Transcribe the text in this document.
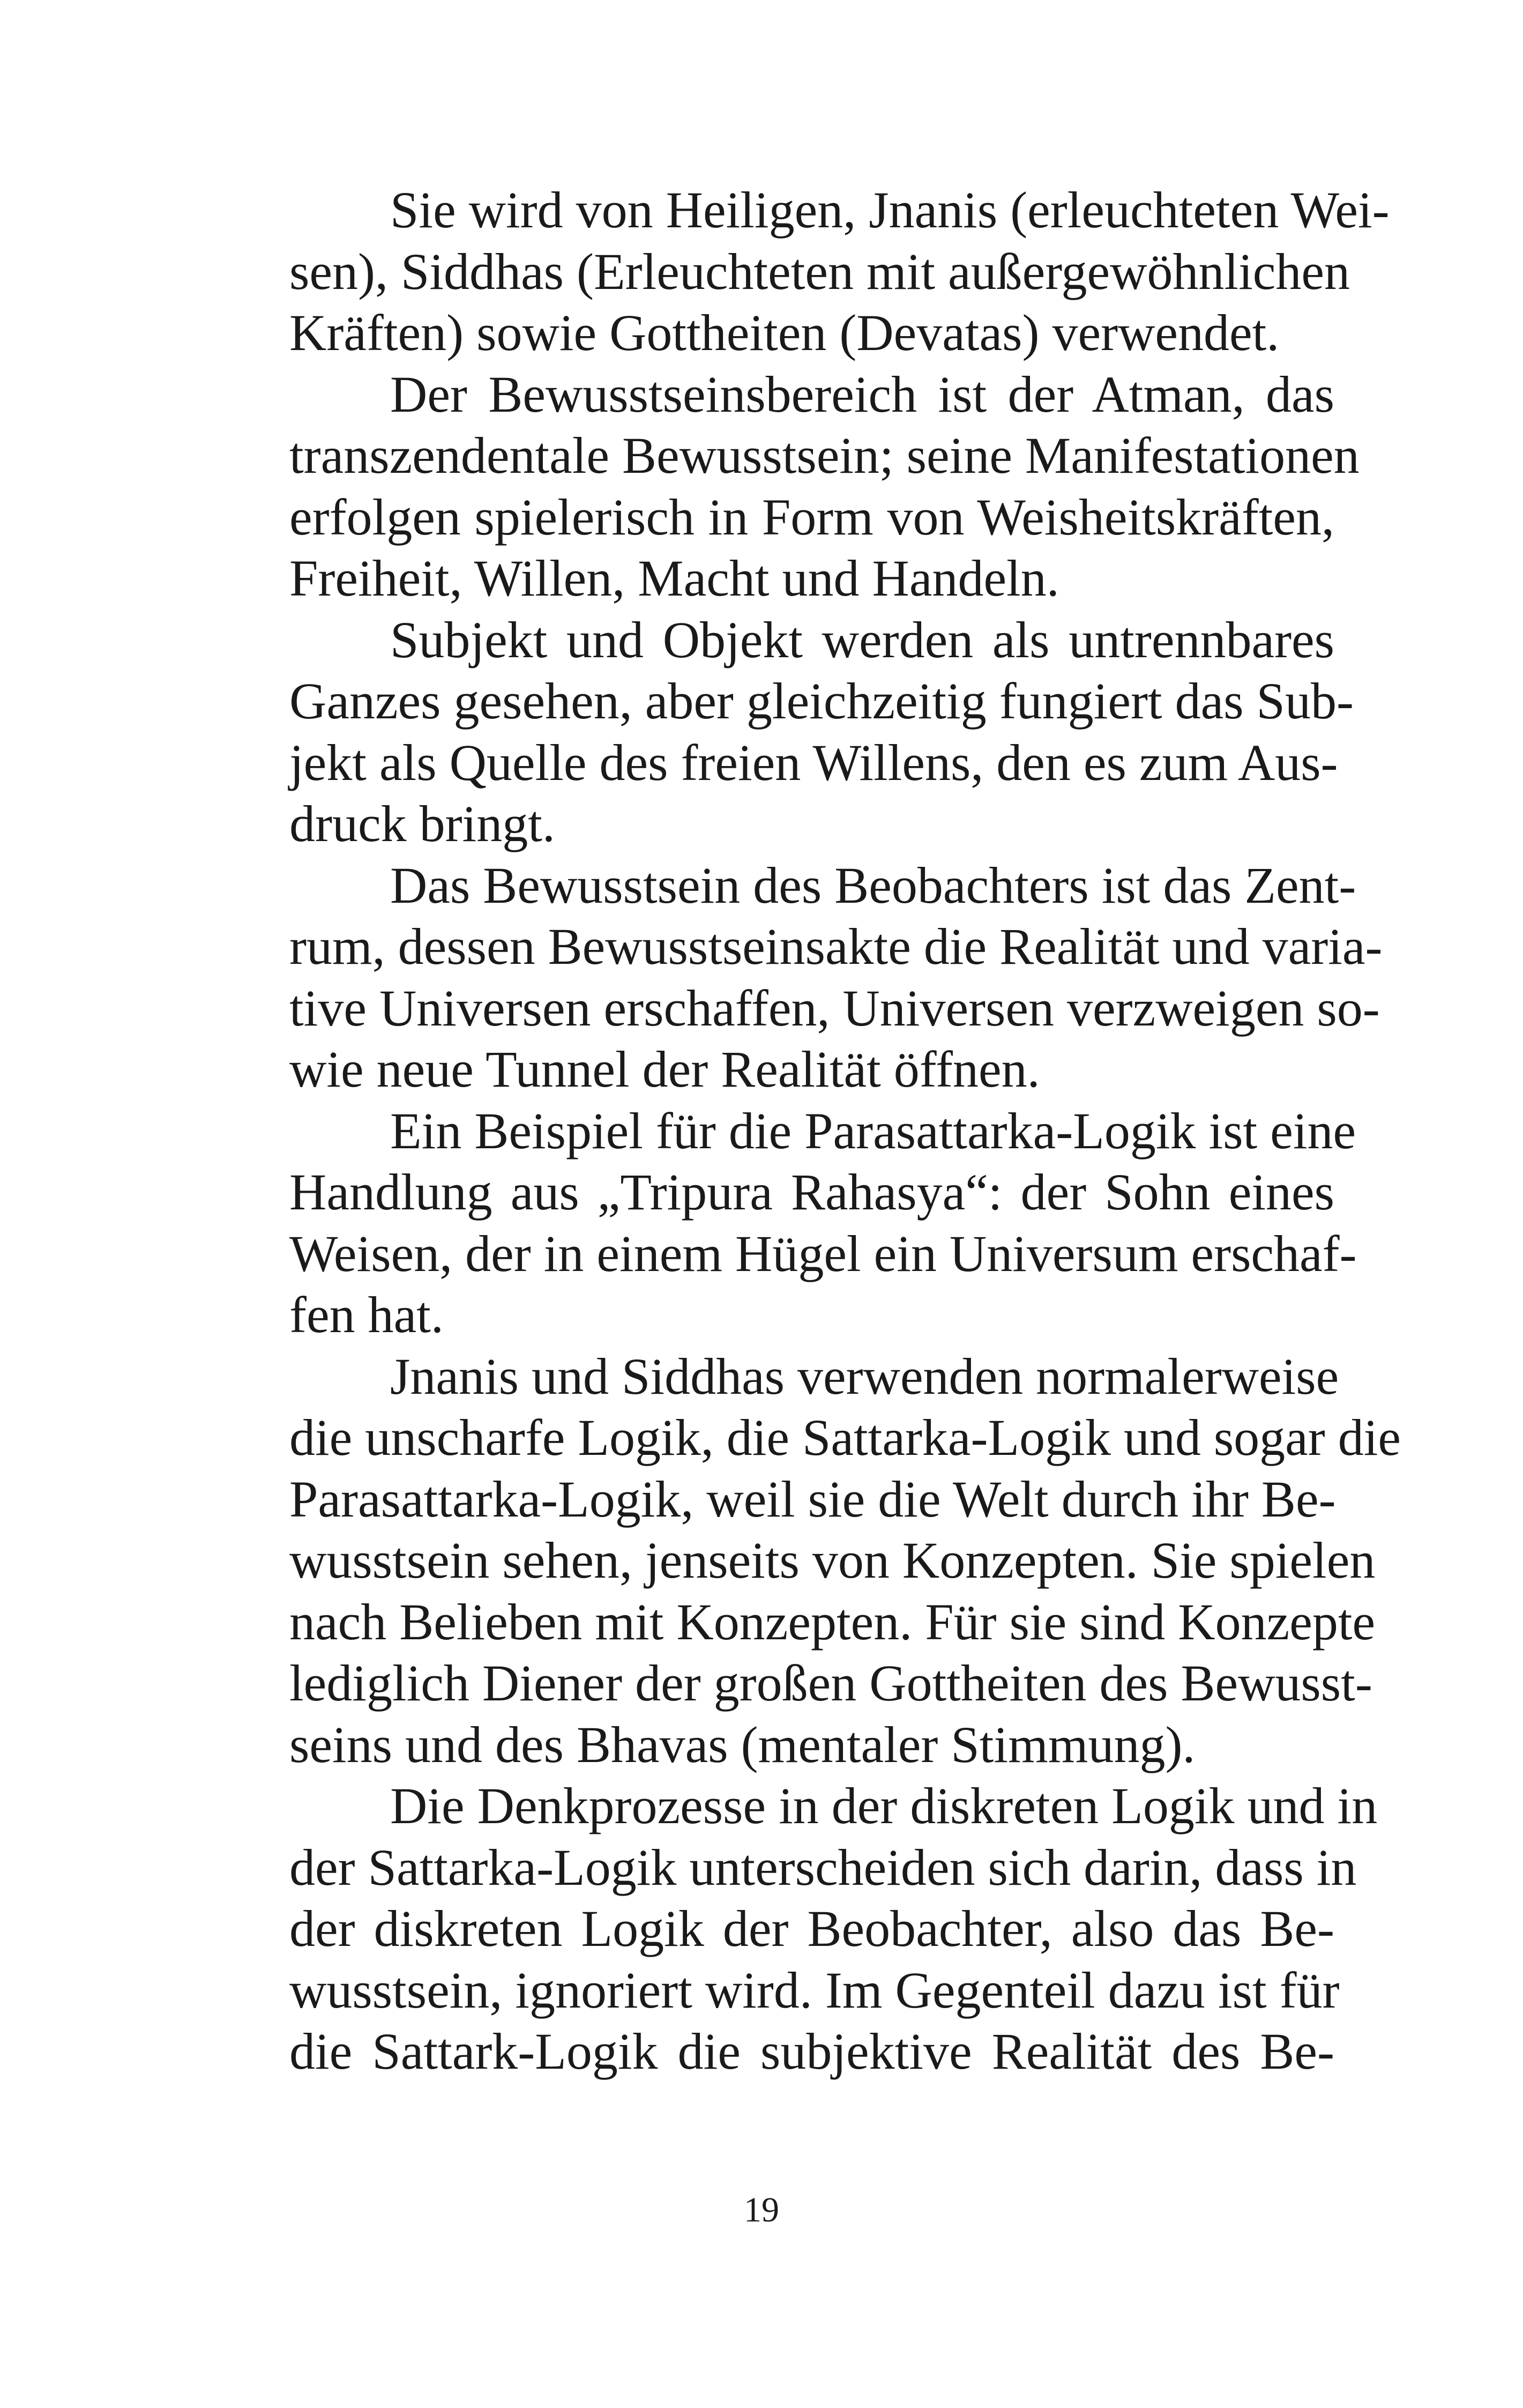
Sie wird von Heiligen, Jnanis (erleuchteten Wei-
sen), Siddhas (Erleuchteten mit außergewöhnlichen
Kräften) sowie Gottheiten (Devatas) verwendet.
Der Bewusstseinsbereich ist der Atman, das
transzendentale Bewusstsein; seine Manifestationen
erfolgen spielerisch in Form von Weisheitskräften,
Freiheit, Willen, Macht und Handeln.
Subjekt und Objekt werden als untrennbares
Ganzes gesehen, aber gleichzeitig fungiert das Sub-
jekt als Quelle des freien Willens, den es zum Aus-
druck bringt.
Das Bewusstsein des Beobachters ist das Zent-
rum, dessen Bewusstseinsakte die Realität und varia-
tive Universen erschaffen, Universen verzweigen so-
wie neue Tunnel der Realität öffnen.
Ein Beispiel für die Parasattarka-Logik ist eine
Handlung aus „Tripura Rahasya“: der Sohn eines
Weisen, der in einem Hügel ein Universum erschaf-
fen hat.
Jnanis und Siddhas verwenden normalerweise
die unscharfe Logik, die Sattarka-Logik und sogar die
Parasattarka-Logik, weil sie die Welt durch ihr Be-
wusstsein sehen, jenseits von Konzepten. Sie spielen
nach Belieben mit Konzepten. Für sie sind Konzepte
lediglich Diener der großen Gottheiten des Bewusst-
seins und des Bhavas (mentaler Stimmung).
Die Denkprozesse in der diskreten Logik und in
der Sattarka-Logik unterscheiden sich darin, dass in
der diskreten Logik der Beobachter, also das Be-
wusstsein, ignoriert wird. Im Gegenteil dazu ist für
die Sattark-Logik die subjektive Realität des Be-
19
